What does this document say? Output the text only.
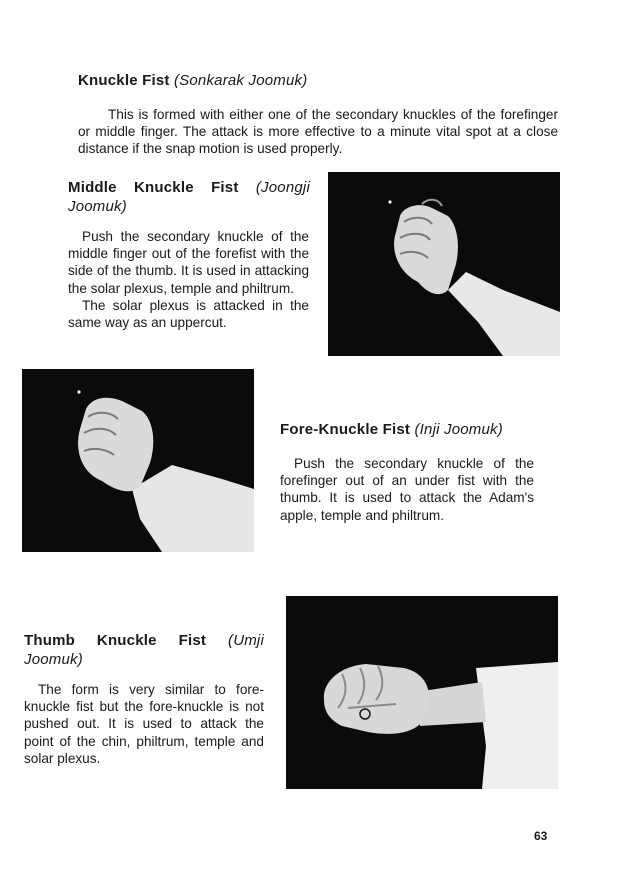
Knuckle Fist (Sonkarak Joomuk)

This is formed with either one of the secondary knuckles of the forefinger or middle finger. The attack is more effective to a minute vital spot at a close distance if the snap motion is used properly.

Middle Knuckle Fist (Joongji Joomuk)

Push the secondary knuckle of the middle finger out of the forefist with the side of the thumb. It is used in attacking the solar plexus, temple and philtrum.

The solar plexus is attacked in the same way as an uppercut.

Fore-Knuckle Fist (Inji Joomuk)

Push the secondary knuckle of the forefinger out of an under fist with the thumb. It is used to attack the Adam's apple, temple and philtrum.

Thumb Knuckle Fist (Umji Joomuk)

The form is very similar to fore-knuckle fist but the fore-knuckle is not pushed out. It is used to attack the point of the chin, philtrum, temple and solar plexus.

63
